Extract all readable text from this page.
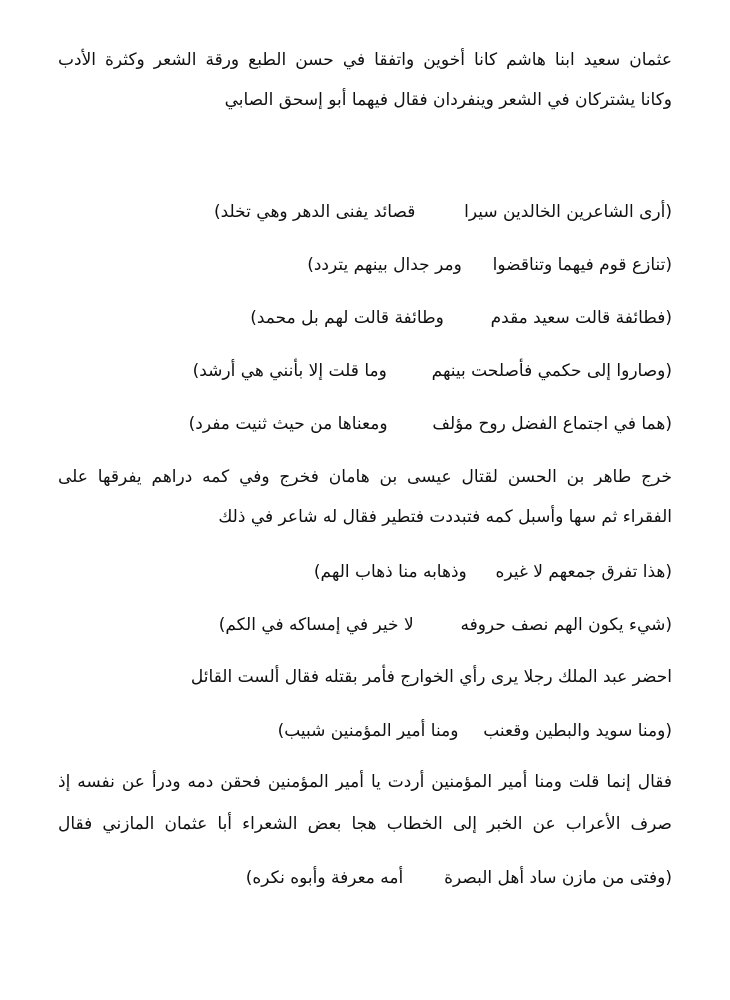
عثمان سعيد ابنا هاشم كانا أخوين واتفقا في حسن الطبع ورقة الشعر وكثرة الأدب
وكانا يشتركان في الشعر وينفردان فقال فيهما أبو إسحق الصابي
(أرى الشاعرين الخالدين سيرا  قصائد يفنى الدهر وهي تخلد)
(تنازع قوم فيهما وتناقضوا  ومر جدال بينهم يتردد)
(فطائفة قالت سعيد مقدم  وطائفة قالت لهم بل محمد)
(وصاروا إلى حكمي فأصلحت بينهم  وما قلت إلا بأنني هي أرشد)
(هما في اجتماع الفضل روح مؤلف  ومعناها من حيث ثنيت مفرد)
خرج طاهر بن الحسن لقتال عيسى بن هامان فخرج وفي كمه دراهم يفرقها على
الفقراء ثم سها وأسبل كمه فتبددت فتطير فقال له شاعر في ذلك
(هذا تفرق جمعهم لا غيره  وذهابه منا ذهاب الهم)
(شيء يكون الهم نصف حروفه  لا خير في إمساكه في الكم)
احضر عبد الملك رجلا يرى رأي الخوارج فأمر بقتله فقال ألست القائل
(ومنا سويد والبطين وقعنب  ومنا أمير المؤمنين شبيب)
فقال إنما قلت ومنا أمير المؤمنين أردت يا أمير المؤمنين فحقن دمه ودرأ عن نفسه إذ
صرف الأعراب عن الخبر إلى الخطاب هجا بعض الشعراء أبا عثمان المازني فقال
(وفتى من مازن ساد أهل البصرة  أمه معرفة وأبوه نكره)
